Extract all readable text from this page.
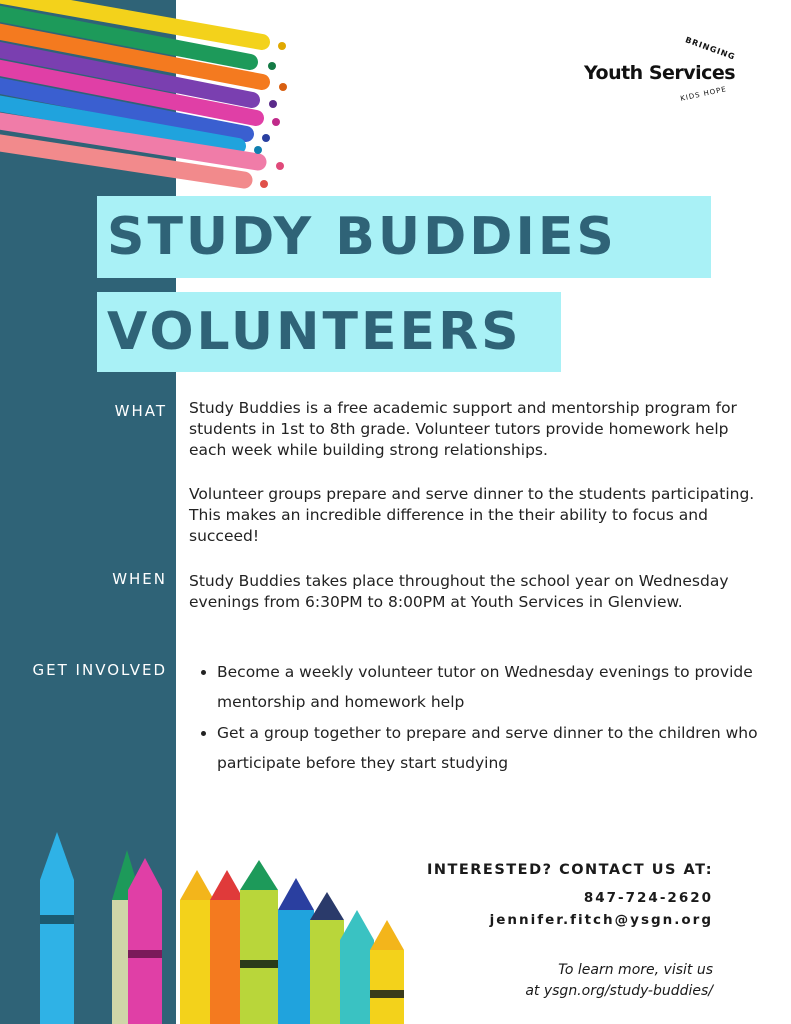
BRINGING
Youth Services
KIDS HOPE
STUDY BUDDIES
VOLUNTEERS
WHAT Study Buddies is a free academic support and mentorship program for students in 1st to 8th grade. Volunteer tutors provide homework help each week while building strong relationships.

Volunteer groups prepare and serve dinner to the students participating. This makes an incredible difference in the their ability to focus and succeed!

WHEN Study Buddies takes place throughout the school year on Wednesday evenings from 6:30PM to 8:00PM at Youth Services in Glenview.

GET INVOLVED
•	Become a weekly volunteer tutor on Wednesday evenings to provide mentorship and homework help
• Get a group together to prepare and serve dinner to the children who participate before they start studying
INTERESTED? CONTACT US AT:
847-724-2620
jennifer.fitch@ysgn.org
To learn more, visit us
at ysgn.org/study-buddies/
